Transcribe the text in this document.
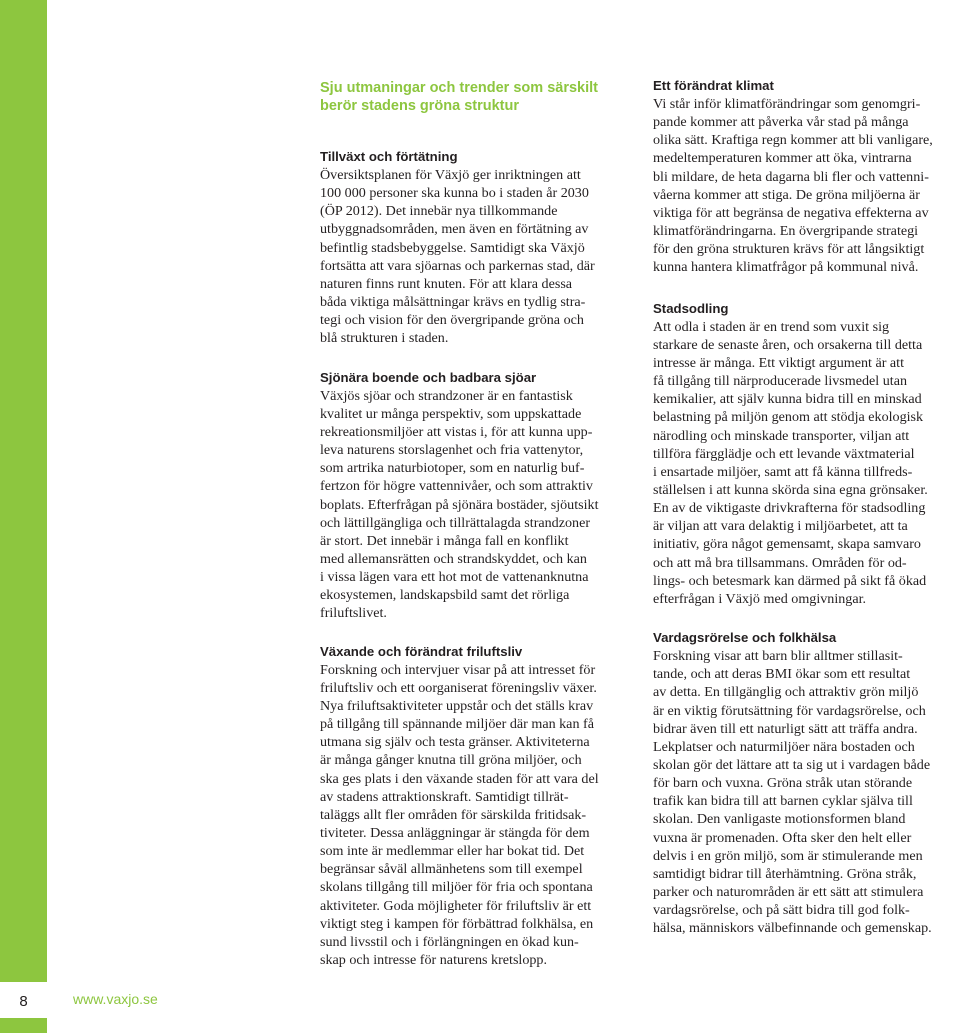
8	www.vaxjo.se
Sju utmaningar och trender som särskilt
berör stadens gröna struktur
Tillväxt och förtätning

Översiktsplanen för Växjö ger inriktningen att
100 000 personer ska kunna bo i staden år 2030
(ÖP 2012). Det innebär nya tillkommande
utbyggnadsområden, men även en förtätning av
befintlig stadsbebyggelse. Samtidigt ska Växjö
fortsätta att vara sjöarnas och parkernas stad, där
naturen finns runt knuten. För att klara dessa
båda viktiga målsättningar krävs en tydlig stra-
tegi och vision för den övergripande gröna och
blå strukturen i staden.

Sjönära boende och badbara sjöar

Växjös sjöar och strandzoner är en fantastisk
kvalitet ur många perspektiv, som uppskattade
rekreationsmiljöer att vistas i, för att kunna upp-
leva naturens storslagenhet och fria vattenytor,
som artrika naturbiotoper, som en naturlig buf-
fertzon för högre vattennivåer, och som attraktiv
boplats. Efterfrågan på sjönära bostäder, sjöutsikt
och lättillgängliga och tillrättalagda strandzoner
är stort. Det innebär i många fall en konflikt
med allemansrätten och strandskyddet, och kan
i vissa lägen vara ett hot mot de vattenanknutna
ekosystemen, landskapsbild samt det rörliga
friluftslivet.

Växande och förändrat friluftsliv

Forskning och intervjuer visar på att intresset för
friluftsliv och ett oorganiserat föreningsliv växer.
Nya friluftsaktiviteter uppstår och det ställs krav
på tillgång till spännande miljöer där man kan få
utmana sig själv och testa gränser. Aktiviteterna
är många gånger knutna till gröna miljöer, och
ska ges plats i den växande staden för att vara del
av stadens attraktionskraft. Samtidigt tillrät-
taläggs allt fler områden för särskilda fritidsak-
tiviteter. Dessa anläggningar är stängda för dem
som inte är medlemmar eller har bokat tid. Det
begränsar såväl allmänhetens som till exempel
skolans tillgång till miljöer för fria och spontana
aktiviteter. Goda möjligheter för friluftsliv är ett
viktigt steg i kampen för förbättrad folkhälsa, en
sund livsstil och i förlängningen en ökad kun-
skap och intresse för naturens kretslopp.

Ett förändrat klimat

Vi står inför klimatförändringar som genomgri-
pande kommer att påverka vår stad på många
olika sätt. Kraftiga regn kommer att bli vanligare,
medeltemperaturen kommer att öka, vintrarna
bli mildare, de heta dagarna bli fler och vattenni-
våerna kommer att stiga. De gröna miljöerna är
viktiga för att begränsa de negativa effekterna av
klimatförändringarna. En övergripande strategi
för den gröna strukturen krävs för att långsiktigt
kunna hantera klimatfrågor på kommunal nivå.

Stadsodling

Att odla i staden är en trend som vuxit sig
starkare de senaste åren, och orsakerna till detta
intresse är många. Ett viktigt argument är att
få tillgång till närproducerade livsmedel utan
kemikalier, att själv kunna bidra till en minskad
belastning på miljön genom att stödja ekologisk
närodling och minskade transporter, viljan att
tillföra färgglädje och ett levande växtmaterial
i ensartade miljöer, samt att få känna tillfreds-
ställelsen i att kunna skörda sina egna grönsaker.
En av de viktigaste drivkrafterna för stadsodling
är viljan att vara delaktig i miljöarbetet, att ta
initiativ, göra något gemensamt, skapa samvaro
och att må bra tillsammans. Områden för od-
lings- och betesmark kan därmed på sikt få ökad
efterfrågan i Växjö med omgivningar.

Vardagsrörelse och folkhälsa

Forskning visar att barn blir alltmer stillasit-
tande, och att deras BMI ökar som ett resultat
av detta. En tillgänglig och attraktiv grön miljö
är en viktig förutsättning för vardagsrörelse, och
bidrar även till ett naturligt sätt att träffa andra.
Lekplatser och naturmiljöer nära bostaden och
skolan gör det lättare att ta sig ut i vardagen både
för barn och vuxna. Gröna stråk utan störande
trafik kan bidra till att barnen cyklar själva till
skolan. Den vanligaste motionsformen bland
vuxna är promenaden. Ofta sker den helt eller
delvis i en grön miljö, som är stimulerande men
samtidigt bidrar till återhämtning. Gröna stråk,
parker och naturområden är ett sätt att stimulera
vardagsrörelse, och på sätt bidra till god folk-
hälsa, människors välbefinnande och gemenskap.
